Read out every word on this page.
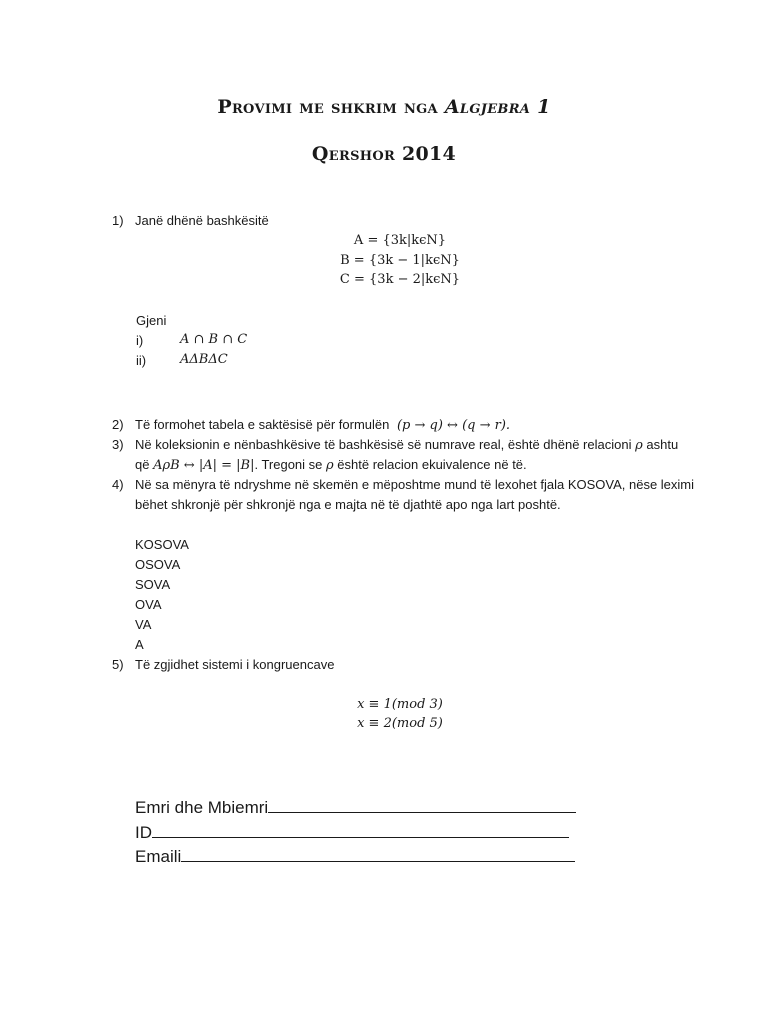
Provimi me shkrim nga Algjebra 1
Qershor 2014
1) Janë dhënë bashkësitë
A = {3k|kϵN}
B = {3k − 1|kϵN}
C = {3k − 2|kϵN}
Gjeni
i)	A ∩ B ∩ C
ii)	AΔBΔC
2) Të formohet tabela e saktësisë për formulën (p → q) ↔ (q → r).
3) Në koleksionin e nënbashkësive të bashkësisë së numrave real, është dhënë relacioni ρ ashtu
që AρB ↔ |A| = |B|. Tregoni se ρ është relacion ekuivalence në të.
4) Në sa mënyra të ndryshme në skemën e mëposhtme mund të lexohet fjala KOSOVA, nëse leximi
bëhet shkronjë për shkronjë nga e majta në të djathtë apo nga lart poshtë.
KOSOVA
OSOVA
SOVA
OVA
VA
A
5) Të zgjidhet sistemi i kongruencave
x ≡ 1(mod 3)
x ≡ 2(mod 5)
Emri dhe Mbiemri
ID
Emaili
